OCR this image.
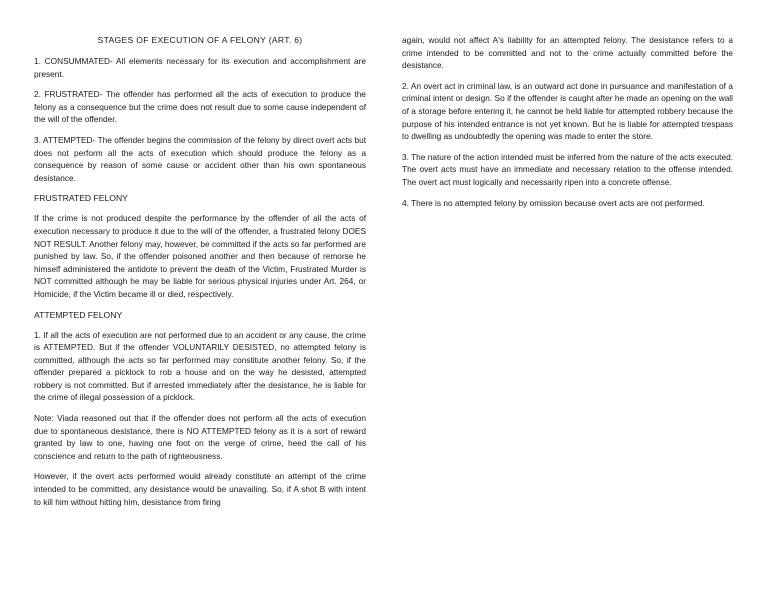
STAGES OF EXECUTION OF A FELONY (ART. 6)

1. CONSUMMATED- All elements necessary for its execution and accomplishment are present.

2. FRUSTRATED- The offender has performed all the acts of execution to produce the felony as a consequence but the crime does not result due to some cause independent of the will of the offender.

3. ATTEMPTED- The offender begins the commission of the felony by direct overt acts but does not perform all the acts of execution which should produce the felony as a consequence by reason of some cause or accident other than his own spontaneous desistance.

FRUSTRATED FELONY

If the crime is not produced despite the performance by the offender of all the acts of execution necessary to produce it due to the will of the offender, a frustrated felony DOES NOT RESULT. Another felony may, however, be committed if the acts so far performed are punished by law. So, if the offender poisoned another and then because of remorse he himself administered the antidote to prevent the death of the Victim, Frustrated Murder is NOT committed although he may be liable for serious physical injuries under Art. 264, or Homicide, if the Victim became ill or died, respectively.

ATTEMPTED FELONY

1. If all the acts of execution are not performed due to an accident or any cause, the crime is ATTEMPTED. But if the offender VOLUNTARILY DESISTED, no attempted felony is committed, although the acts so far performed may constitute another felony. So, if the offender prepared a picklock to rob a house and on the way he desisted, attempted robbery is not committed. But if arrested immediately after the desistance, he is liable for the crime of illegal possession of a picklock.

Note: Viada reasoned out that if the offender does not perform all the acts of execution due to spontaneous desistance, there is NO ATTEMPTED felony as it is a sort of reward granted by law to one, having one foot on the verge of crime, heed the call of his conscience and return to the path of righteousness.

However, if the overt acts performed would already constitute an attempt of the crime intended to be committed, any desistance would be unavailing. So, if A shot B with intent to kill him without hitting him, desistance from firing

again, would not affect A's liability for an attempted felony. The desistance refers to a crime intended to be committed and not to the crime actually committed before the desistance.

2. An overt act in criminal law, is an outward act done in pursuance and manifestation of a criminal intent or design. So if the offender is caught after he made an opening on the wall of a storage before entering it, he cannot be held liable for attempted robbery because the purpose of his intended entrance is not yet known. But he is liable for attempted trespass to dwelling as undoubtedly the opening was made to enter the store.

3. The nature of the action intended must be inferred from the nature of the acts executed. The overt acts must have an immediate and necessary relation to the offense intended. The overt act must logically and necessarily ripen into a concrete offense.

4. There is no attempted felony by omission because overt acts are not performed.
